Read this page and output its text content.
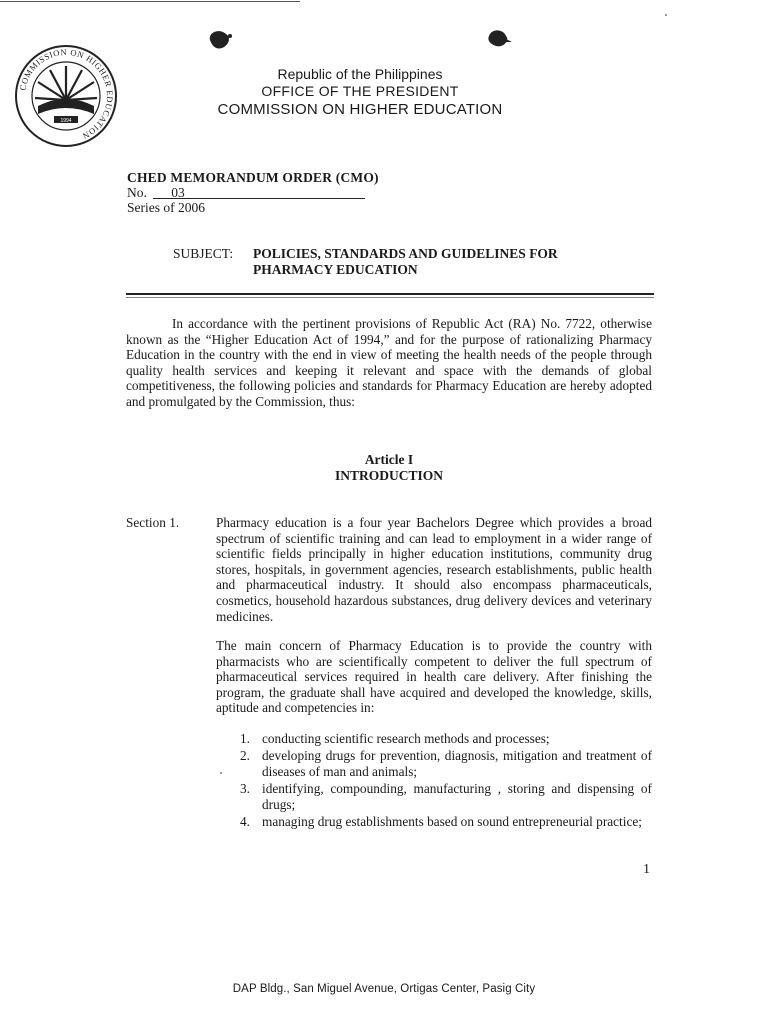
COMMISSION ON HIGHER EDUCATION
1994
Republic of the Philippines
OFFICE OF THE PRESIDENT
COMMISSION ON HIGHER EDUCATION
CHED MEMORANDUM ORDER (CMO)
No. 03
Series of 2006
SUBJECT: POLICIES, STANDARDS AND GUIDELINES FOR
PHARMACY EDUCATION
In accordance with the pertinent provisions of Republic Act (RA) No. 7722, otherwise known as the “Higher Education Act of 1994,” and for the purpose of rationalizing Pharmacy Education in the country with the end in view of meeting the health needs of the people through quality health services and keeping it relevant and space with the demands of global competitiveness, the following policies and standards for Pharmacy Education are hereby adopted and promulgated by the Commission, thus:
Article I
INTRODUCTION
Section 1.	Pharmacy education is a four year Bachelors Degree which provides a broad spectrum of scientific training and can lead to employment in a wider range of scientific fields principally in higher education institutions, community drug stores, hospitals, in government agencies, research establishments, public health and pharmaceutical industry. It should also encompass pharmaceuticals, cosmetics, household hazardous substances, drug delivery devices and veterinary medicines.
The main concern of Pharmacy Education is to provide the country with pharmacists who are scientifically competent to deliver the full spectrum of pharmaceutical services required in health care delivery. After finishing the program, the graduate shall have acquired and developed the knowledge, skills, aptitude and competencies in:
1. conducting scientific research methods and processes;
2. developing drugs for prevention, diagnosis, mitigation and treatment of diseases of man and animals;
3. identifying, compounding, manufacturing , storing and dispensing of drugs;
4. managing drug establishments based on sound entrepreneurial practice;
1
DAP Bldg., San Miguel Avenue, Ortigas Center, Pasig City
